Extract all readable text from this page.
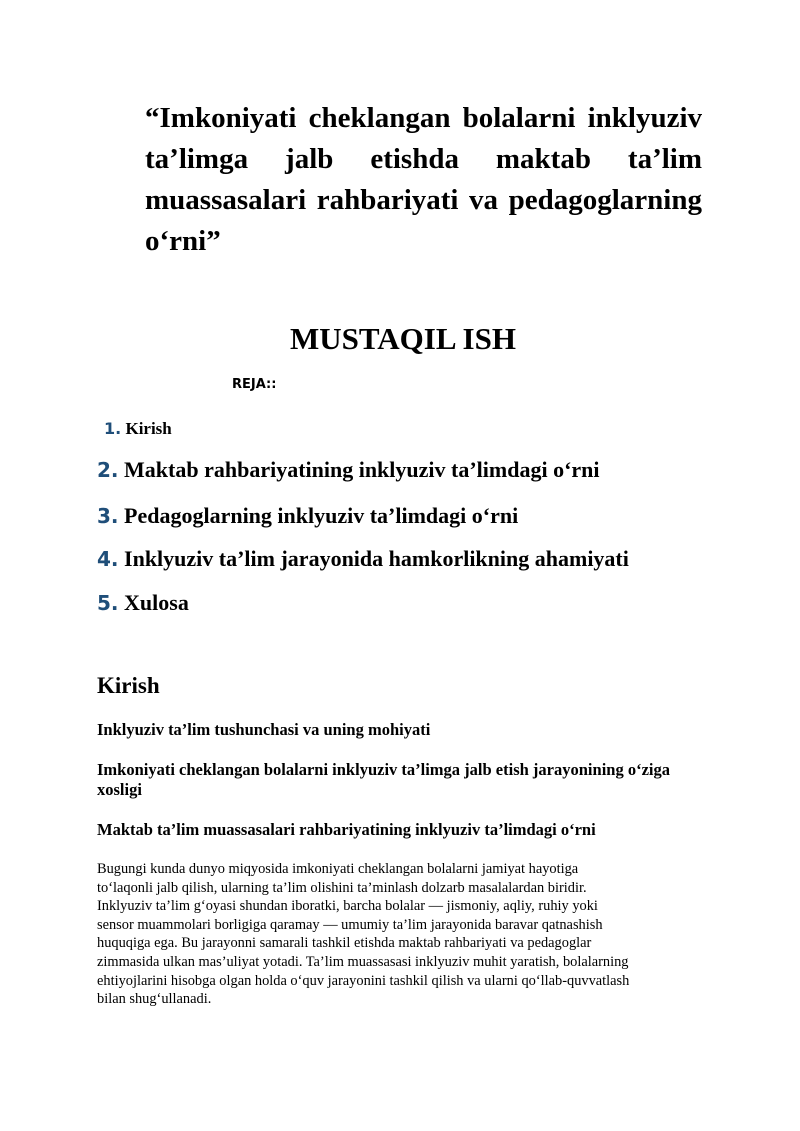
“Imkoniyati cheklangan bolalarni inklyuziv ta’limga jalb etishda maktab ta’lim muassasalari rahbariyati va pedagoglarning o‘rni”
MUSTAQIL ISH
REJA::
1. Kirish
2. Maktab rahbariyatining inklyuziv ta’limdagi o‘rni
3. Pedagoglarning inklyuziv ta’limdagi o‘rni
4. Inklyuziv ta’lim jarayonida hamkorlikning ahamiyati
5. Xulosa
Kirish
Inklyuziv ta’lim tushunchasi va uning mohiyati
Imkoniyati cheklangan bolalarni inklyuziv ta’limga jalb etish jarayonining o‘ziga xosligi
Maktab ta’lim muassasalari rahbariyatining inklyuziv ta’limdagi o‘rni

Bugungi kunda dunyo miqyosida imkoniyati cheklangan bolalarni jamiyat hayotiga
to‘laqonli jalb qilish, ularning ta’lim olishini ta’minlash dolzarb masalalardan biridir.
Inklyuziv ta’lim g‘oyasi shundan iboratki, barcha bolalar — jismoniy, aqliy, ruhiy yoki
sensor muammolari borligiga qaramay — umumiy ta’lim jarayonida baravar qatnashish
huquqiga ega. Bu jarayonni samarali tashkil etishda maktab rahbariyati va pedagoglar
zimmasida ulkan mas’uliyat yotadi. Ta’lim muassasasi inklyuziv muhit yaratish, bolalarning
ehtiyojlarini hisobga olgan holda o‘quv jarayonini tashkil qilish va ularni qo‘llab-quvvatlash
bilan shug‘ullanadi.
